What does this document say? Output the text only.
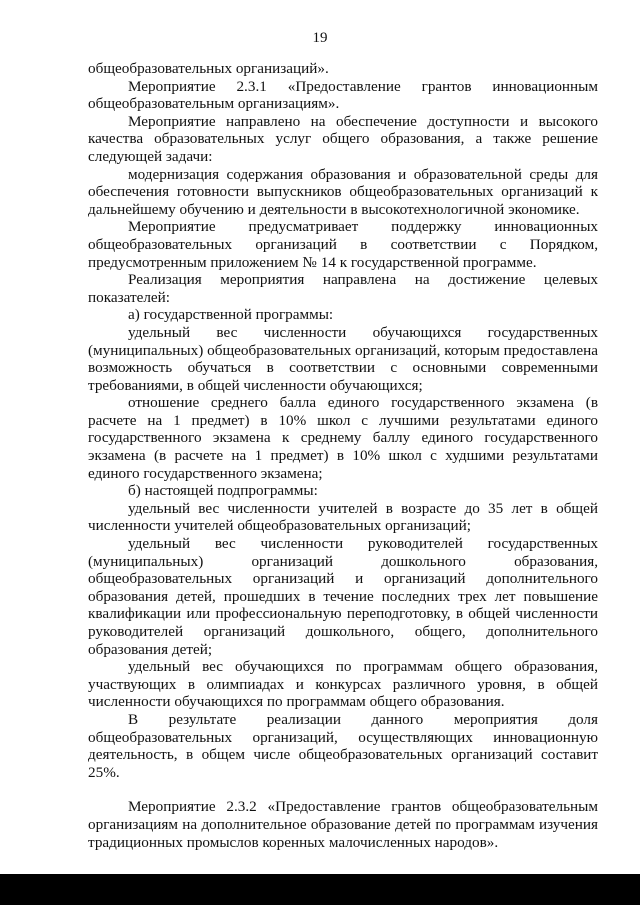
19

общеобразовательных организаций».

Мероприятие 2.3.1 «Предоставление грантов инновационным общеобразовательным организациям».

Мероприятие направлено на обеспечение доступности и высокого качества образовательных услуг общего образования, а также решение следующей задачи:

модернизация содержания образования и образовательной среды для обеспечения готовности выпускников общеобразовательных организаций к дальнейшему обучению и деятельности в высокотехнологичной экономике.

Мероприятие предусматривает поддержку инновационных общеобразовательных организаций в соответствии с Порядком, предусмотренным приложением № 14 к государственной программе.

Реализация мероприятия направлена на достижение целевых показателей:

а) государственной программы:

удельный вес численности обучающихся государственных (муниципальных) общеобразовательных организаций, которым предоставлена возможность обучаться в соответствии с основными современными требованиями, в общей численности обучающихся;

отношение среднего балла единого государственного экзамена (в расчете на 1 предмет) в 10% школ с лучшими результатами единого государственного экзамена к среднему баллу единого государственного экзамена (в расчете на 1 предмет) в 10% школ с худшими результатами единого государственного экзамена;

б) настоящей подпрограммы:

удельный вес численности учителей в возрасте до 35 лет в общей численности учителей общеобразовательных организаций;

удельный вес численности руководителей государственных (муниципальных) организаций дошкольного образования, общеобразовательных организаций и организаций дополнительного образования детей, прошедших в течение последних трех лет повышение квалификации или профессиональную переподготовку, в общей численности руководителей организаций дошкольного, общего, дополнительного образования детей;

удельный вес обучающихся по программам общего образования, участвующих в олимпиадах и конкурсах различного уровня, в общей численности обучающихся по программам общего образования.

В результате реализации данного мероприятия доля общеобразовательных организаций, осуществляющих инновационную деятельность, в общем числе общеобразовательных организаций составит 25%.

Мероприятие 2.3.2 «Предоставление грантов общеобразовательным организациям на дополнительное образование детей по программам изучения традиционных промыслов коренных малочисленных народов».
